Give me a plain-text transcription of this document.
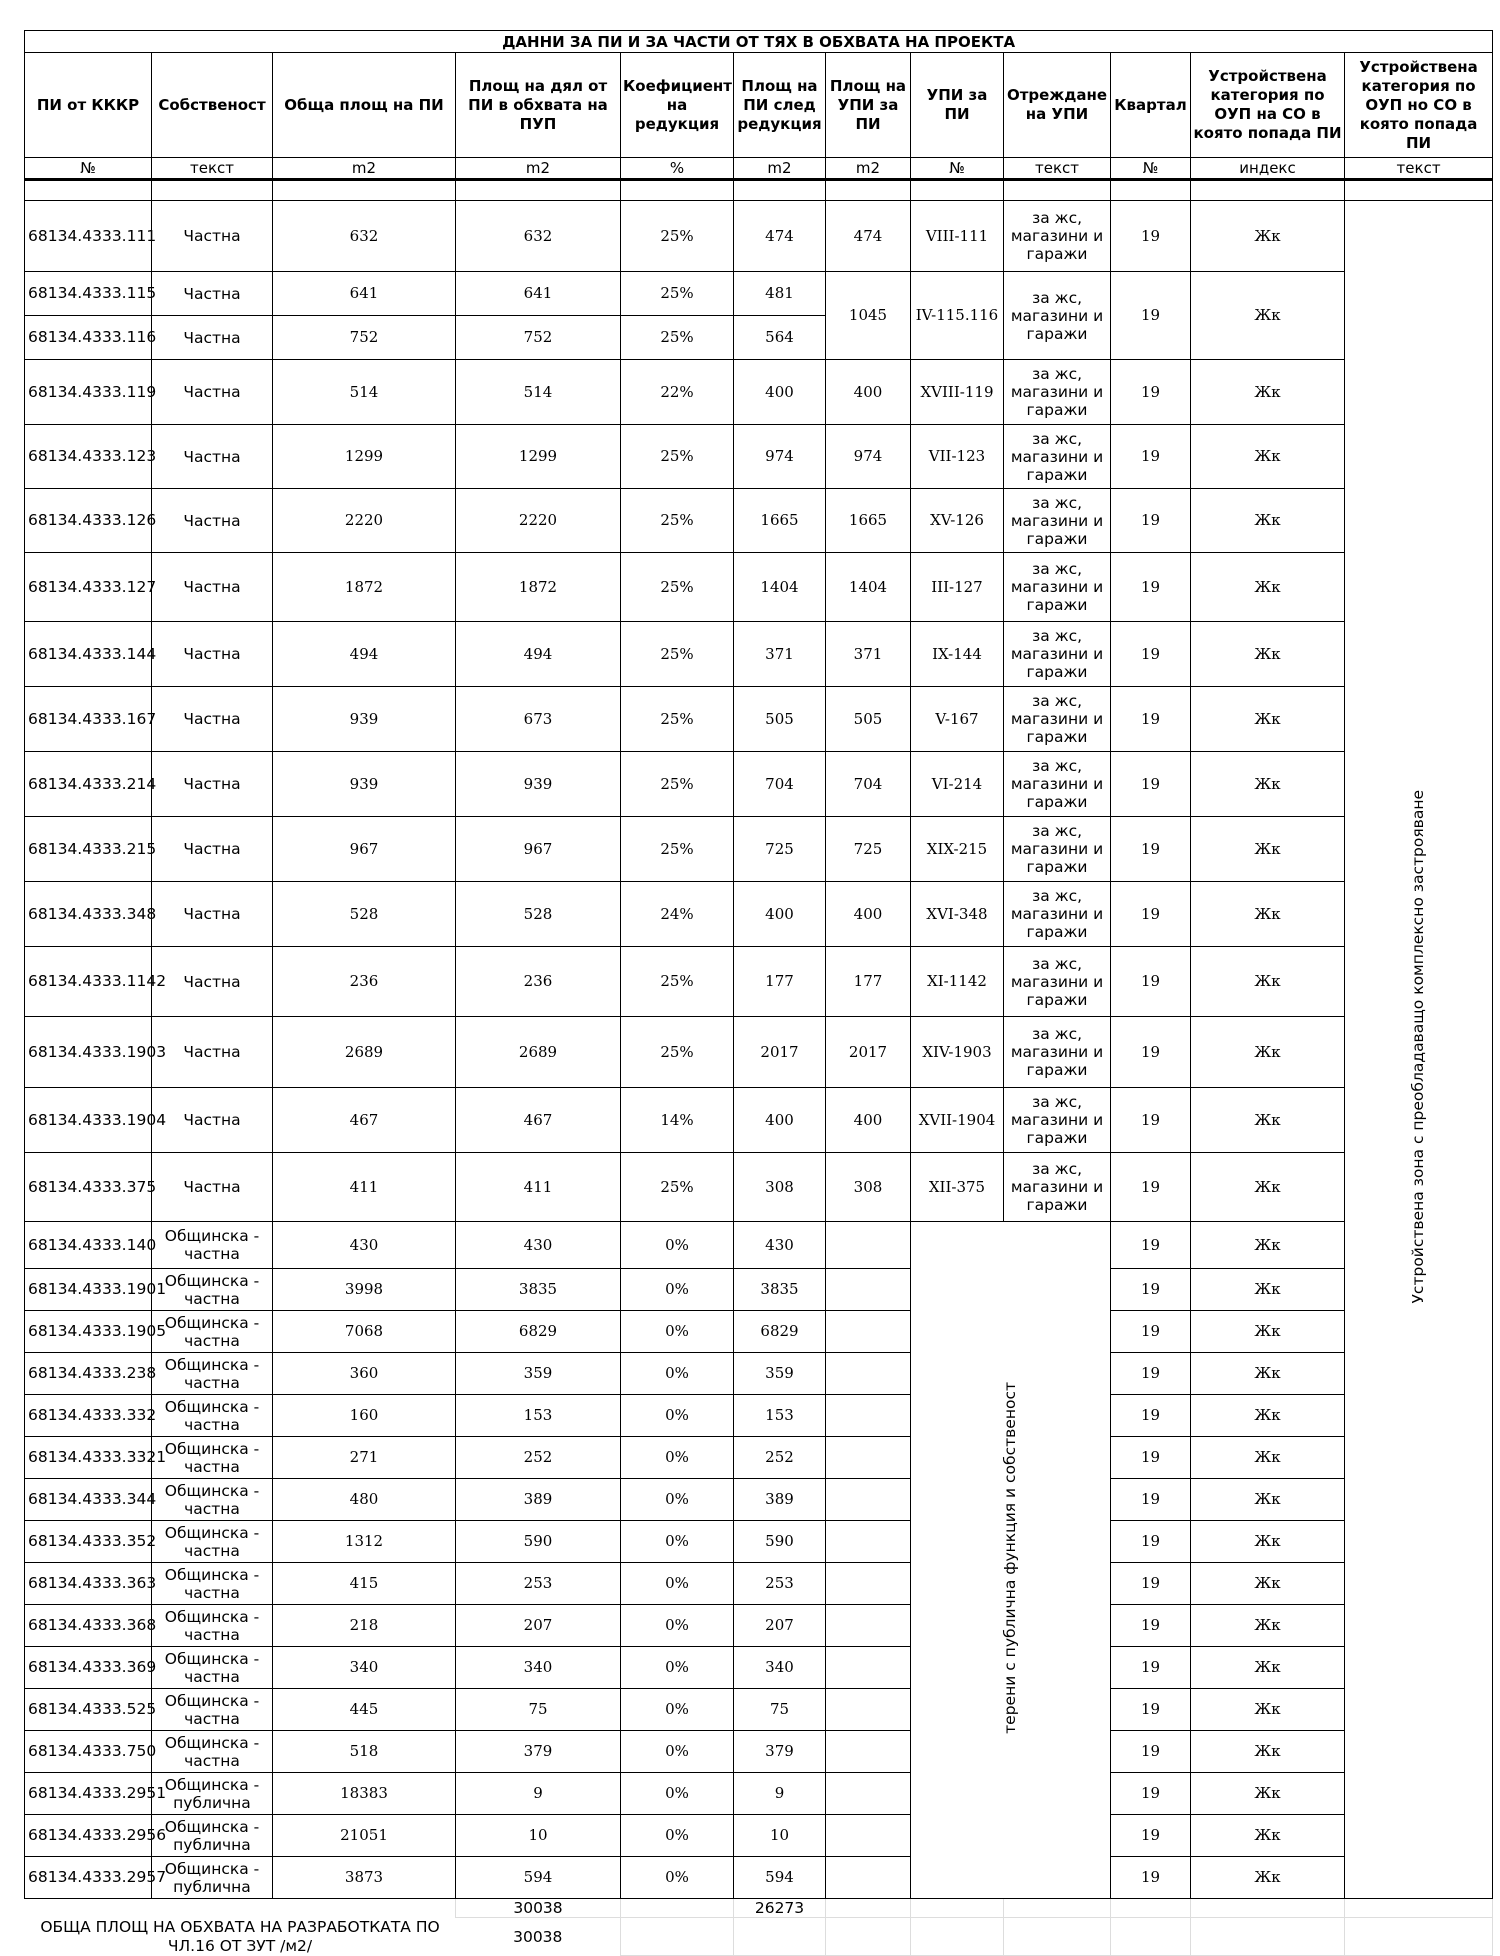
ДАННИ ЗА ПИ И ЗА ЧАСТИ ОТ ТЯХ В ОБХВАТА НА ПРОЕКТА											
ПИ от КККР	Собственост	Обща площ на ПИ	Площ на дял от ПИ в обхвата на ПУП	Коефициент на редукция	Площ на ПИ след редукция	Площ на УПИ за ПИ	УПИ за ПИ	Отреждане на УПИ	Квартал	Устройствена категория по ОУП на СО в която попада ПИ	Устройствена категория по ОУП но СО в която попада ПИ
№	текст	m2	m2	%	m2	m2	№	текст	№	индекс	текст

68134.4333.111	Частна	632	632	25%	474	474	VIII-111	за жс, магазини и гаражи	19	Жк	Устройствена зона с преобладаващо комплексно застрояване
68134.4333.115	Частна	641	641	25%	481	1045	IV-115.116	за жс, магазини и гаражи	19	Жк	
68134.4333.116	Частна	752	752	25%	564						
68134.4333.119	Частна	514	514	22%	400	400	XVIII-119	за жс, магазини и гаражи	19	Жк	
68134.4333.123	Частна	1299	1299	25%	974	974	VII-123	за жс, магазини и гаражи	19	Жк	
68134.4333.126	Частна	2220	2220	25%	1665	1665	XV-126	за жс, магазини и гаражи	19	Жк	
68134.4333.127	Частна	1872	1872	25%	1404	1404	III-127	за жс, магазини и гаражи	19	Жк	
68134.4333.144	Частна	494	494	25%	371	371	IX-144	за жс, магазини и гаражи	19	Жк	
68134.4333.167	Частна	939	673	25%	505	505	V-167	за жс, магазини и гаражи	19	Жк	
68134.4333.214	Частна	939	939	25%	704	704	VI-214	за жс, магазини и гаражи	19	Жк	
68134.4333.215	Частна	967	967	25%	725	725	XIX-215	за жс, магазини и гаражи	19	Жк	
68134.4333.348	Частна	528	528	24%	400	400	XVI-348	за жс, магазини и гаражи	19	Жк	
68134.4333.1142	Частна	236	236	25%	177	177	XI-1142	за жс, магазини и гаражи	19	Жк	
68134.4333.1903	Частна	2689	2689	25%	2017	2017	XIV-1903	за жс, магазини и гаражи	19	Жк	
68134.4333.1904	Частна	467	467	14%	400	400	XVII-1904	за жс, магазини и гаражи	19	Жк	
68134.4333.375	Частна	411	411	25%	308	308	XII-375	за жс, магазини и гаражи	19	Жк	
68134.4333.140	Общинска - частна	430	430	0%	430		терени с публична функция и собственост		19	Жк	
68134.4333.1901	Общинска - частна	3998	3835	0%	3835				19	Жк	
68134.4333.1905	Общинска - частна	7068	6829	0%	6829				19	Жк	
68134.4333.238	Общинска - частна	360	359	0%	359				19	Жк	
68134.4333.332	Общинска - частна	160	153	0%	153				19	Жк	
68134.4333.3321	Общинска - частна	271	252	0%	252				19	Жк	
68134.4333.344	Общинска - частна	480	389	0%	389				19	Жк	
68134.4333.352	Общинска - частна	1312	590	0%	590				19	Жк	
68134.4333.363	Общинска - частна	415	253	0%	253				19	Жк	
68134.4333.368	Общинска - частна	218	207	0%	207				19	Жк	
68134.4333.369	Общинска - частна	340	340	0%	340				19	Жк	
68134.4333.525	Общинска - частна	445	75	0%	75				19	Жк	
68134.4333.750	Общинска - частна	518	379	0%	379				19	Жк	
68134.4333.2951	Общинска - публична	18383	9	0%	9				19	Жк	
68134.4333.2956	Общинска - публична	21051	10	0%	10				19	Жк	
68134.4333.2957	Общинска - публична	3873	594	0%	594				19	Жк	
			30038		26273						
ОБЩА ПЛОЩ НА ОБХВАТА НА РАЗРАБОТКАТА ПО ЧЛ.16 ОТ ЗУТ /м2/			30038								
